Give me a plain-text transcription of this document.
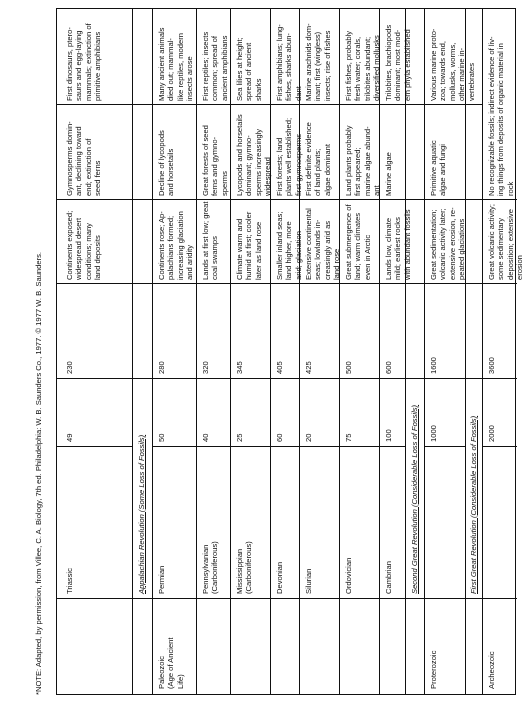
*NOTE: Adapted, by permission, from Villee, C. A. Biology, 7th ed. Philadelphia: W. B. Saunders Co., 1977. © 1977 W. B. Saunders.

	Triassic
49
230
Continents exposed;
widespread desert
conditions; many
land deposits
Gymnosperms domin-
ant, declining toward
end; extinction of
seed ferns
First dinosaurs, ptero-
saurs and egg-laying
mammals; extinction of
primitive amphibians
Appalachian Revolution (Some Loss of Fossils)
Paleozoic
(Age of Ancient
Life)
Permian
50
280
Continents rose; Ap-
palachians formed;
increasing glaciation
and aridity
Decline of lycopods
and horsetails
Many ancient animals
died out; mammal-
like reptiles, modern
insects arose
Pennsylvanian
(Carboniferous)
40
320
Lands at first low; great
coal swamps
Great forests of seed
ferns and gymno-
sperms
First reptiles; insects
common; spread of
ancient amphibians
Mississippian
(Carboniferous)
25
345
Climate warm and
humid at first; cooler
later as land rose
Lycopods and horsetails
dominant; gymno-
sperms increasingly
widespread
Sea lilies at height;
spread of ancient
sharks
Devonian
60
405
Smaller inland seas;
land higher, more
arid; glaciation
First forests; land
plants well established;
first gymnosperms
First amphibians; lung-
fishes, sharks abun-
dant
Silurian
20
425
Extensive continental
seas; lowlands in-
creasingly arid as
land rose
First definite evidence
of land plants;
algae dominant
Marine arachnids dom-
inant; first (wingless)
insects; rise of fishes
Ordovician
75
500
Great submergence of
land; warm climates
even in Arctic
Land plants probably
first appeared;
marine algae abund-
ant
First fishes, probably
fresh water; corals,
trilobites abundant;
diversified mollusks
Cambrian
100
600
Lands low, climate
mild; earliest rocks
with abundant fossils
Marine algae
Trilobites, brachiopods
dominant; most mod-
ern phyla established
Second Great Revolution (Considerable Loss of Fossils)
Proterozoic
1000
1600
Great sedimentation;
volcanic activity later;
extensive erosion, re-
peated glaciations
Primitive aquatic
algae and fungi
Various marine proto-
zoa; towards end,
mollusks, worms,
other marine in-
vertebrates
First Great Revolution (Considerable Loss of Fossils)
Archeozoic
2000
3600
Great volcanic activity;
some sedimentary
deposition; extensive
erosion
No recognizable fossils; indirect evidence of liv-
ing things from deposits of organic material in
rock
